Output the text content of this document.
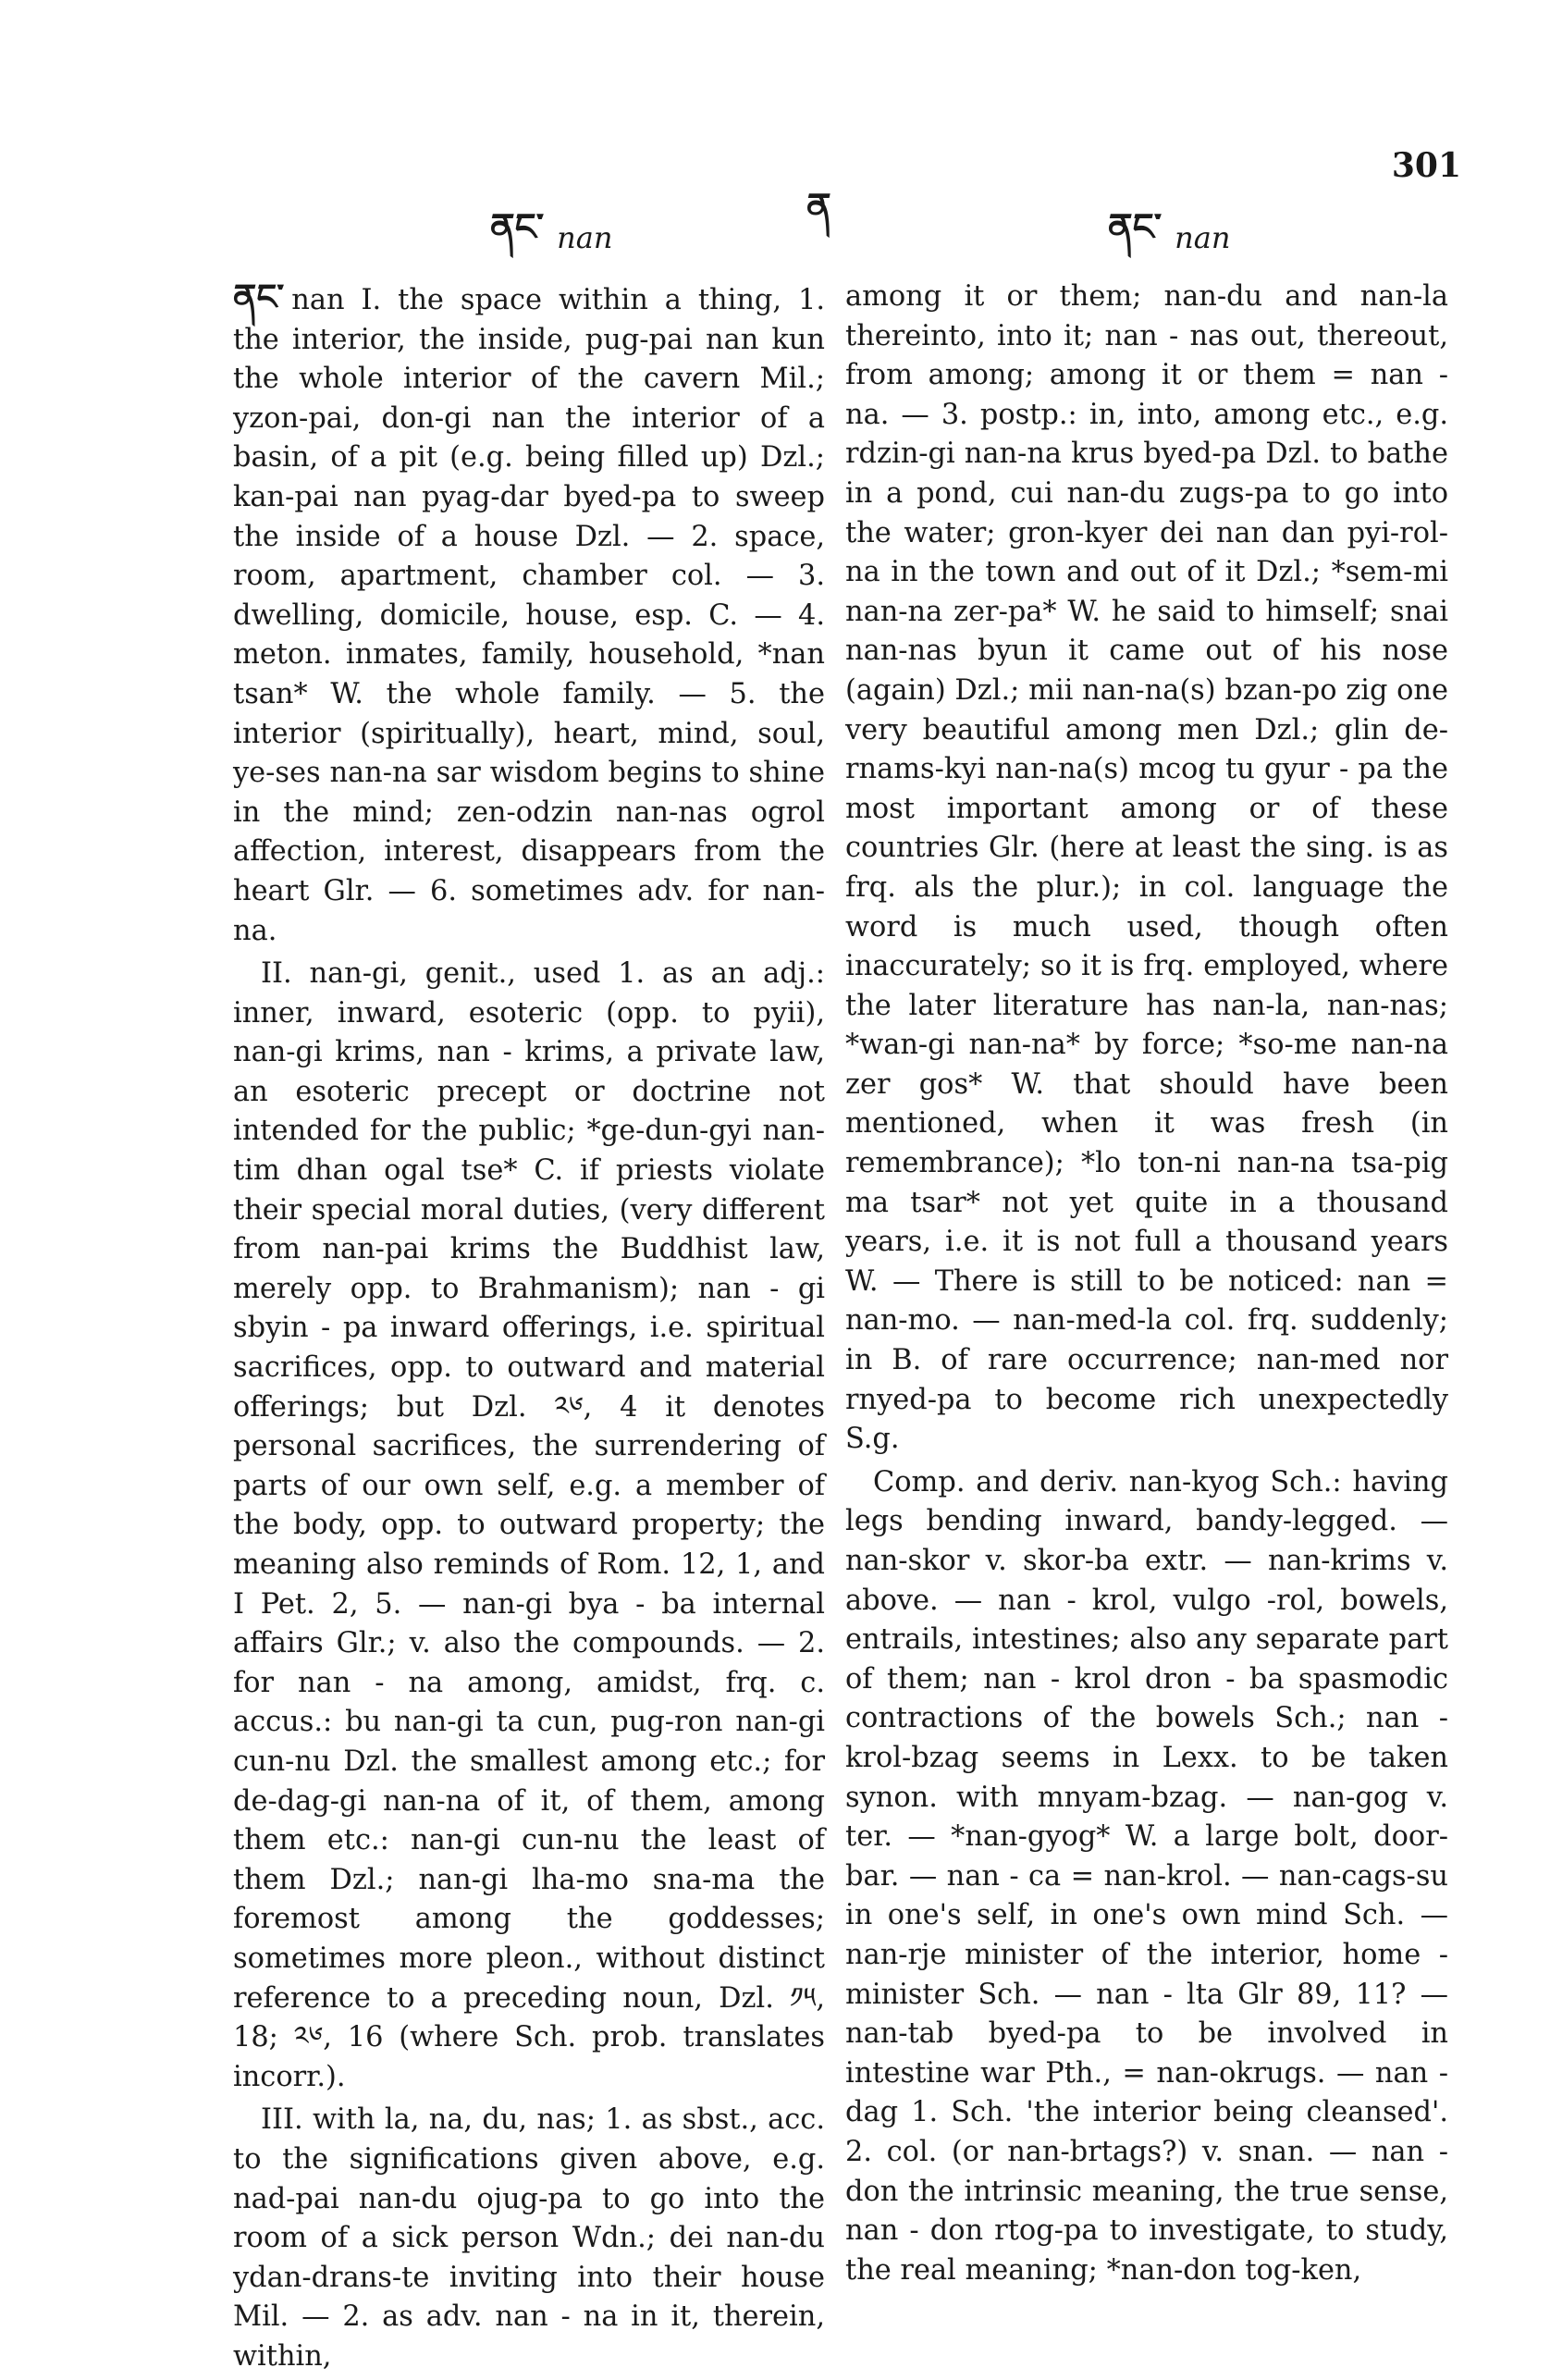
301
ན
ནང་ nan	ནང་ nan

ནང་ nan I. the space within a thing, 1. the interior, the inside, pug-pai nan kun the whole interior of the cavern Mil.; yzon-pai, don-gi nan the interior of a basin, of a pit (e.g. being filled up) Dzl.; kan-pai nan pyag-dar byed-pa to sweep the inside of a house Dzl. — 2. space, room, apartment, chamber col. — 3. dwelling, domicile, house, esp. C. — 4. meton. inmates, family, household, *nan tsan* W. the whole family. — 5. the interior (spiritually), heart, mind, soul, ye-ses nan-na sar wisdom begins to shine in the mind; zen-odzin nan-nas ogrol affection, interest, disappears from the heart Glr. — 6. sometimes adv. for nan-na.

II. nan-gi, genit., used 1. as an adj.: inner, inward, esoteric (opp. to pyii), nan-gi krims, nan - krims, a private law, an esoteric precept or doctrine not intended for the public; *ge-dun-gyi nan-tim dhan ogal tse* C. if priests violate their special moral duties, (very different from nan-pai krims the Buddhist law, merely opp. to Brahmanism); nan - gi sbyin - pa inward offerings, i.e. spiritual sacrifices, opp. to outward and material offerings; but Dzl. ༢༦, 4 it denotes personal sacrifices, the surrendering of parts of our own self, e.g. a member of the body, opp. to outward property; the meaning also reminds of Rom. 12, 1, and I Pet. 2, 5. — nan-gi bya - ba internal affairs Glr.; v. also the compounds. — 2. for nan - na among, amidst, frq. c. accus.: bu nan-gi ta cun, pug-ron nan-gi cun-nu Dzl. the smallest among etc.; for de-dag-gi nan-na of it, of them, among them etc.: nan-gi cun-nu the least of them Dzl.; nan-gi lha-mo sna-ma the foremost among the goddesses; sometimes more pleon., without distinct reference to a preceding noun, Dzl. ༡༥, 18; ༢༦, 16 (where Sch. prob. translates incorr.).

III. with la, na, du, nas; 1. as sbst., acc. to the significations given above, e.g. nad-pai nan-du ojug-pa to go into the room of a sick person Wdn.; dei nan-du ydan-drans-te inviting into their house Mil. — 2. as adv. nan - na in it, therein, within,

among it or them; nan-du and nan-la thereinto, into it; nan - nas out, thereout, from among; among it or them = nan - na. — 3. postp.: in, into, among etc., e.g. rdzin-gi nan-na krus byed-pa Dzl. to bathe in a pond, cui nan-du zugs-pa to go into the water; gron-kyer dei nan dan pyi-rol-na in the town and out of it Dzl.; *sem-mi nan-na zer-pa* W. he said to himself; snai nan-nas byun it came out of his nose (again) Dzl.; mii nan-na(s) bzan-po zig one very beautiful among men Dzl.; glin de-rnams-kyi nan-na(s) mcog tu gyur - pa the most important among or of these countries Glr. (here at least the sing. is as frq. als the plur.); in col. language the word is much used, though often inaccurately; so it is frq. employed, where the later literature has nan-la, nan-nas; *wan-gi nan-na* by force; *so-me nan-na zer gos* W. that should have been mentioned, when it was fresh (in remembrance); *lo ton-ni nan-na tsa-pig ma tsar* not yet quite in a thousand years, i.e. it is not full a thousand years W. — There is still to be noticed: nan = nan-mo. — nan-med-la col. frq. suddenly; in B. of rare occurrence; nan-med nor rnyed-pa to become rich unexpectedly S.g.

Comp. and deriv. nan-kyog Sch.: having legs bending inward, bandy-legged. — nan-skor v. skor-ba extr. — nan-krims v. above. — nan - krol, vulgo -rol, bowels, entrails, intestines; also any separate part of them; nan - krol dron - ba spasmodic contractions of the bowels Sch.; nan - krol-bzag seems in Lexx. to be taken synon. with mnyam-bzag. — nan-gog v. ter. — *nan-gyog* W. a large bolt, door-bar. — nan - ca = nan-krol. — nan-cags-su in one's self, in one's own mind Sch. — nan-rje minister of the interior, home - minister Sch. — nan - lta Glr 89, 11? — nan-tab byed-pa to be involved in intestine war Pth., = nan-okrugs. — nan - dag 1. Sch. 'the interior being cleansed'. 2. col. (or nan-brtags?) v. snan. — nan - don the intrinsic meaning, the true sense, nan - don rtog-pa to investigate, to study, the real meaning; *nan-don tog-ken,
